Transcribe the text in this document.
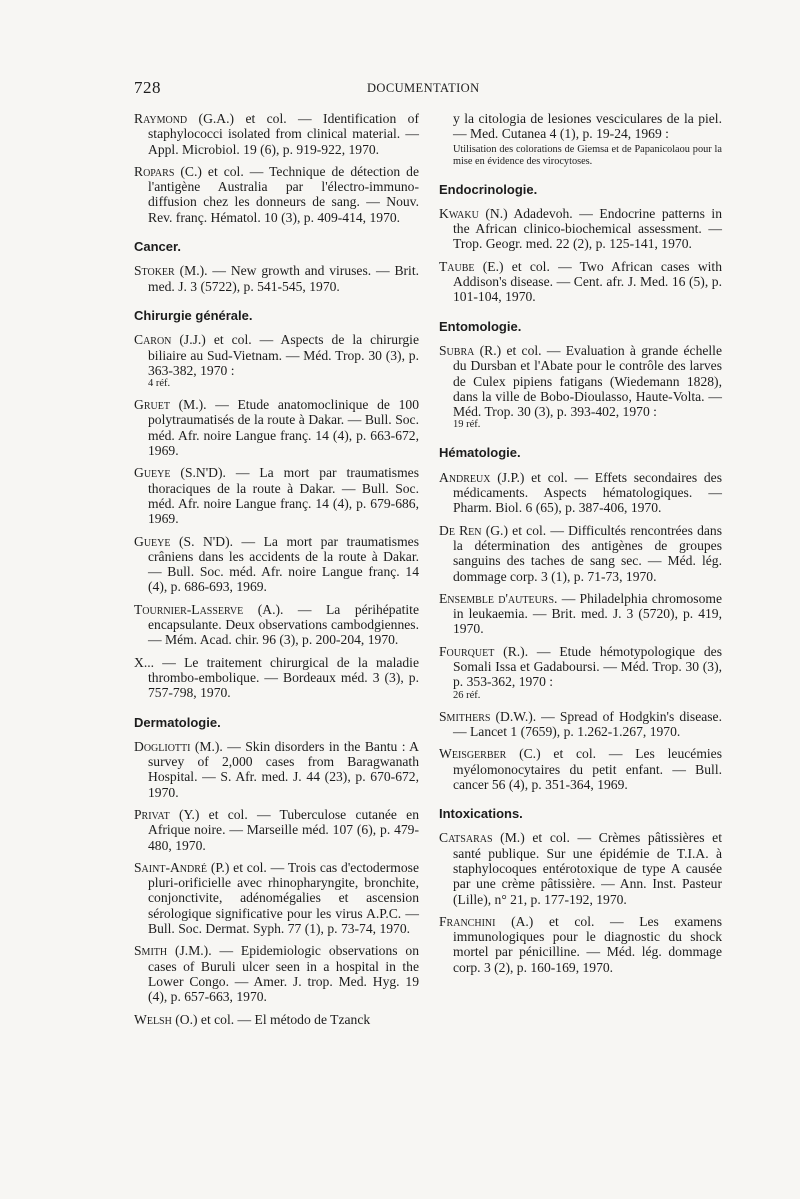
728	DOCUMENTATION
Raymond (G.A.) et col. — Identification of staphylococci isolated from clinical material. — Appl. Microbiol. 19 (6), p. 919-922, 1970.
Ropars (C.) et col. — Technique de détection de l'antigène Australia par l'électro-immuno-diffusion chez les donneurs de sang. — Nouv. Rev. franç. Hématol. 10 (3), p. 409-414, 1970.
Cancer.
Stoker (M.). — New growth and viruses. — Brit. med. J. 3 (5722), p. 541-545, 1970.
Chirurgie générale.
Caron (J.J.) et col. — Aspects de la chirurgie biliaire au Sud-Vietnam. — Méd. Trop. 30 (3), p. 363-382, 1970 :
4 réf.
Gruet (M.). — Etude anatomoclinique de 100 polytraumatisés de la route à Dakar. — Bull. Soc. méd. Afr. noire Langue franç. 14 (4), p. 663-672, 1969.
Gueye (S.N'D). — La mort par traumatismes thoraciques de la route à Dakar. — Bull. Soc. méd. Afr. noire Langue franç. 14 (4), p. 679-686, 1969.
Gueye (S. N'D). — La mort par traumatismes crâniens dans les accidents de la route à Dakar. — Bull. Soc. méd. Afr. noire Langue franç. 14 (4), p. 686-693, 1969.
Tournier-Lasserve (A.). — La périhépatite encapsulante. Deux observations cambodgiennes. — Mém. Acad. chir. 96 (3), p. 200-204, 1970.
X... — Le traitement chirurgical de la maladie thrombo-embolique. — Bordeaux méd. 3 (3), p. 757-798, 1970.
Dermatologie.
Dogliotti (M.). — Skin disorders in the Bantu : A survey of 2,000 cases from Baragwanath Hospital. — S. Afr. med. J. 44 (23), p. 670-672, 1970.
Privat (Y.) et col. — Tuberculose cutanée en Afrique noire. — Marseille méd. 107 (6), p. 479-480, 1970.
Saint-André (P.) et col. — Trois cas d'ectodermose pluri-orificielle avec rhinopharyngite, bronchite, conjonctivite, adénomégalies et ascension sérologique significative pour les virus A.P.C. — Bull. Soc. Dermat. Syph. 77 (1), p. 73-74, 1970.
Smith (J.M.). — Epidemiologic observations on cases of Buruli ulcer seen in a hospital in the Lower Congo. — Amer. J. trop. Med. Hyg. 19 (4), p. 657-663, 1970.
Welsh (O.) et col. — El método de Tzanck
y la citologia de lesiones vesciculares de la piel. — Med. Cutanea 4 (1), p. 19-24, 1969 :
Utilisation des colorations de Giemsa et de Papanicolaou pour la mise en évidence des virocytoses.
Endocrinologie.
Kwaku (N.) Adadevoh. — Endocrine patterns in the African clinico-biochemical assessment. — Trop. Geogr. med. 22 (2), p. 125-141, 1970.
Taube (E.) et col. — Two African cases with Addison's disease. — Cent. afr. J. Med. 16 (5), p. 101-104, 1970.
Entomologie.
Subra (R.) et col. — Evaluation à grande échelle du Dursban et l'Abate pour le contrôle des larves de Culex pipiens fatigans (Wiedemann 1828), dans la ville de Bobo-Dioulasso, Haute-Volta. — Méd. Trop. 30 (3), p. 393-402, 1970 :
19 réf.
Hématologie.
Andreux (J.P.) et col. — Effets secondaires des médicaments. Aspects hématologiques. — Pharm. Biol. 6 (65), p. 387-406, 1970.
De Ren (G.) et col. — Difficultés rencontrées dans la détermination des antigènes de groupes sanguins des taches de sang sec. — Méd. lég. dommage corp. 3 (1), p. 71-73, 1970.
Ensemble d'auteurs. — Philadelphia chromosome in leukaemia. — Brit. med. J. 3 (5720), p. 419, 1970.
Fourquet (R.). — Etude hémotypologique des Somali Issa et Gadaboursi. — Méd. Trop. 30 (3), p. 353-362, 1970 :
26 réf.
Smithers (D.W.). — Spread of Hodgkin's disease. — Lancet 1 (7659), p. 1.262-1.267, 1970.
Weisgerber (C.) et col. — Les leucémies myélomonocytaires du petit enfant. — Bull. cancer 56 (4), p. 351-364, 1969.
Intoxications.
Catsaras (M.) et col. — Crèmes pâtissières et santé publique. Sur une épidémie de T.I.A. à staphylocoques entérotoxique de type A causée par une crème pâtissière. — Ann. Inst. Pasteur (Lille), n° 21, p. 177-192, 1970.
Franchini (A.) et col. — Les examens immunologiques pour le diagnostic du shock mortel par pénicilline. — Méd. lég. dommage corp. 3 (2), p. 160-169, 1970.
